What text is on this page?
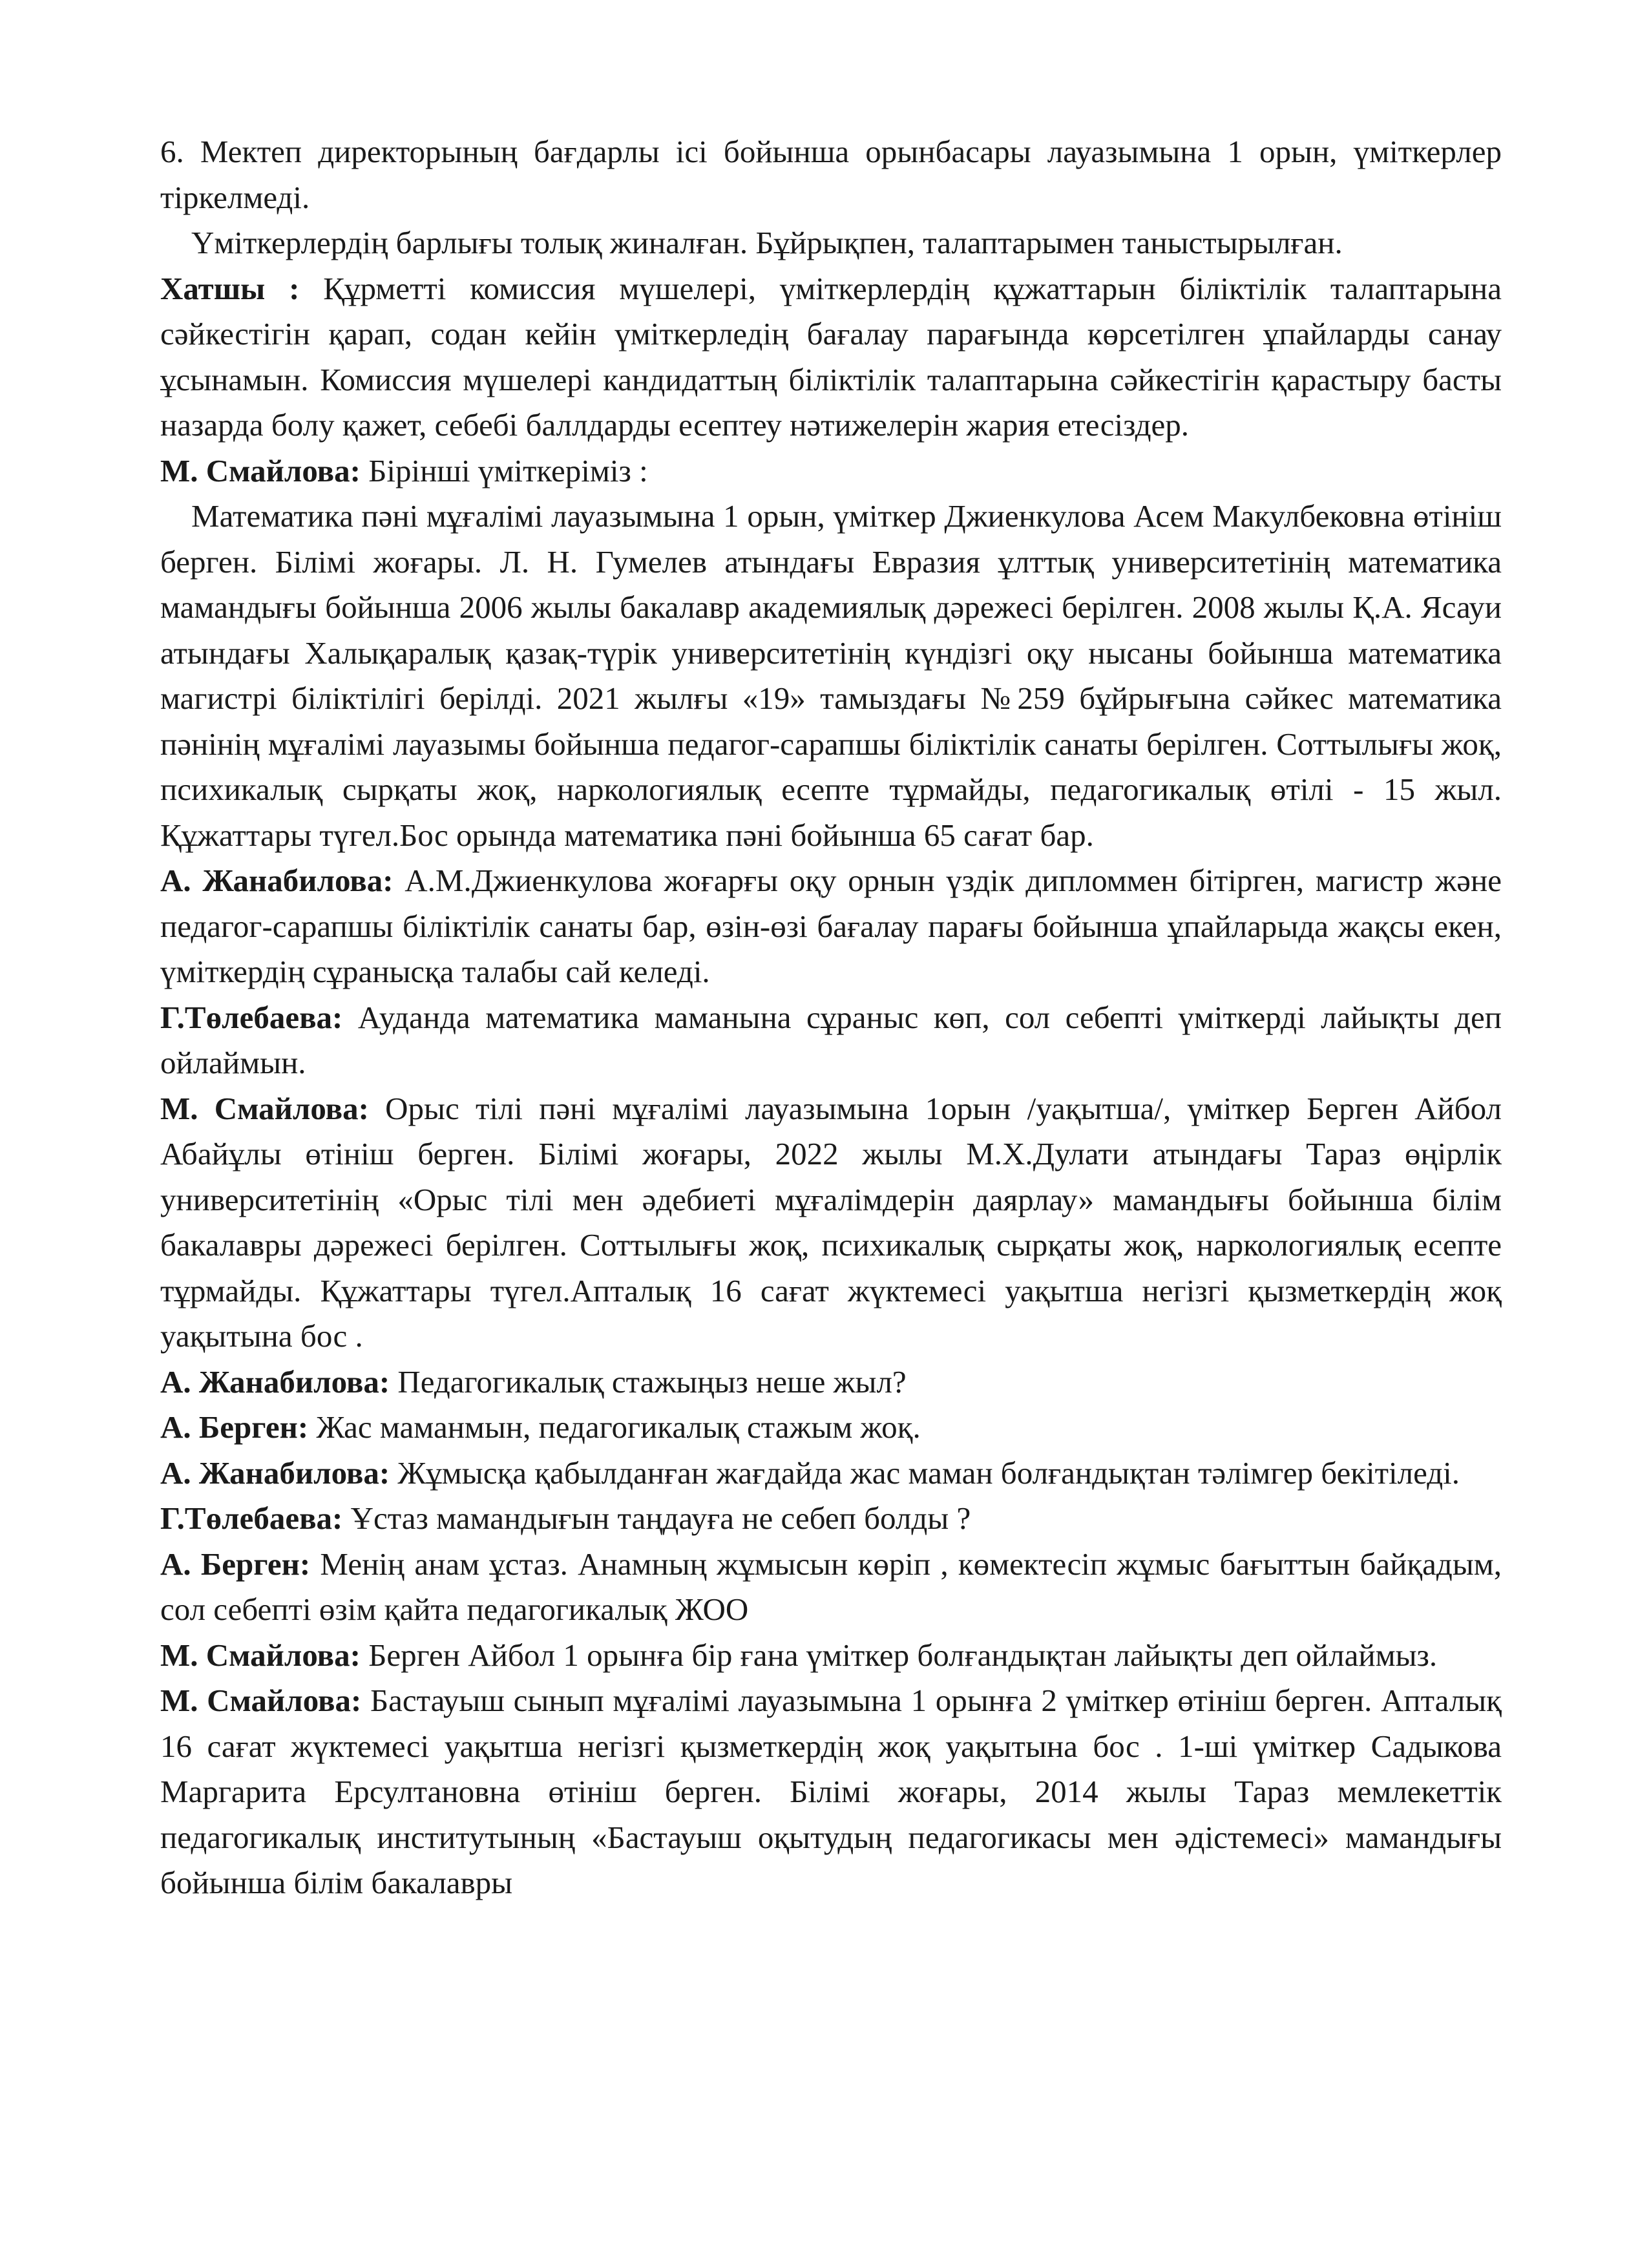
6. Мектеп директорының бағдарлы ісі бойынша орынбасары лауазымына 1 орын, үміткерлер тіркелмеді.

Үміткерлердің барлығы толық жиналған. Бұйрықпен, талаптарымен таныстырылған.

Хатшы : Құрметті комиссия мүшелері, үміткерлердің құжаттарын біліктілік талаптарына сәйкестігін қарап, содан кейін үміткерледің бағалау парағында көрсетілген ұпайларды санау ұсынамын. Комиссия мүшелері кандидаттың біліктілік талаптарына сәйкестігін қарастыру басты назарда болу қажет, себебі баллдарды есептеу нәтижелерін жария етесіздер.

М. Смайлова: Бірінші үміткеріміз :

Математика пәні мұғалімі лауазымына 1 орын, үміткер Джиенкулова Асем Макулбековна өтініш берген. Білімі жоғары. Л. Н. Гумелев атындағы Евразия ұлттық университетінің математика мамандығы бойынша 2006 жылы бакалавр академиялық дәрежесі берілген. 2008 жылы Қ.А. Ясауи атындағы Халықаралық қазақ-түрік университетінің күндізгі оқу нысаны бойынша математика магистрі біліктілігі берілді. 2021 жылғы «19» тамыздағы №259 бұйрығына сәйкес математика пәнінің мұғалімі лауазымы бойынша педагог-сарапшы біліктілік санаты берілген. Соттылығы жоқ, психикалық сырқаты жоқ, наркологиялық есепте тұрмайды, педагогикалық өтілі - 15 жыл. Құжаттары түгел.Бос орында математика пәні бойынша 65 сағат бар.

А. Жанабилова: А.М.Джиенкулова жоғарғы оқу орнын үздік дипломмен бітірген, магистр және педагог-сарапшы біліктілік санаты бар, өзін-өзі бағалау парағы бойынша ұпайларыда жақсы екен, үміткердің сұранысқа талабы сай келеді.

Г.Төлебаева: Ауданда математика маманына сұраныс көп, сол себепті үміткерді лайықты деп ойлаймын.

М. Смайлова: Орыс тілі пәні мұғалімі лауазымына 1орын /уақытша/, үміткер Берген Айбол Абайұлы өтініш берген. Білімі жоғары, 2022 жылы М.Х.Дулати атындағы Тараз өңірлік университетінің «Орыс тілі мен әдебиеті мұғалімдерін даярлау» мамандығы бойынша білім бакалавры дәрежесі берілген. Соттылығы жоқ, психикалық сырқаты жоқ, наркологиялық есепте тұрмайды. Құжаттары түгел.Апталық 16 сағат жүктемесі уақытша негізгі қызметкердің жоқ уақытына бос .

А. Жанабилова: Педагогикалық стажыңыз неше жыл?

А. Берген: Жас маманмын, педагогикалық стажым жоқ.

А. Жанабилова: Жұмысқа қабылданған жағдайда жас маман болғандықтан тәлімгер бекітіледі.

Г.Төлебаева: Ұстаз мамандығын таңдауға не себеп болды ?

А. Берген: Менің анам ұстаз. Анамның жұмысын көріп , көмектесіп жұмыс бағыттын байқадым, сол себепті өзім қайта педагогикалық ЖОО

М. Смайлова: Берген Айбол 1 орынға бір ғана үміткер болғандықтан лайықты деп ойлаймыз.

М. Смайлова: Бастауыш сынып мұғалімі лауазымына 1 орынға 2 үміткер өтініш берген. Апталық 16 сағат жүктемесі уақытша негізгі қызметкердің жоқ уақытына бос . 1-ші үміткер Садыкова Маргарита Ерсултановна өтініш берген. Білімі жоғары, 2014 жылы Тараз мемлекеттік педагогикалық институтының «Бастауыш оқытудың педагогикасы мен әдістемесі» мамандығы бойынша білім бакалавры
